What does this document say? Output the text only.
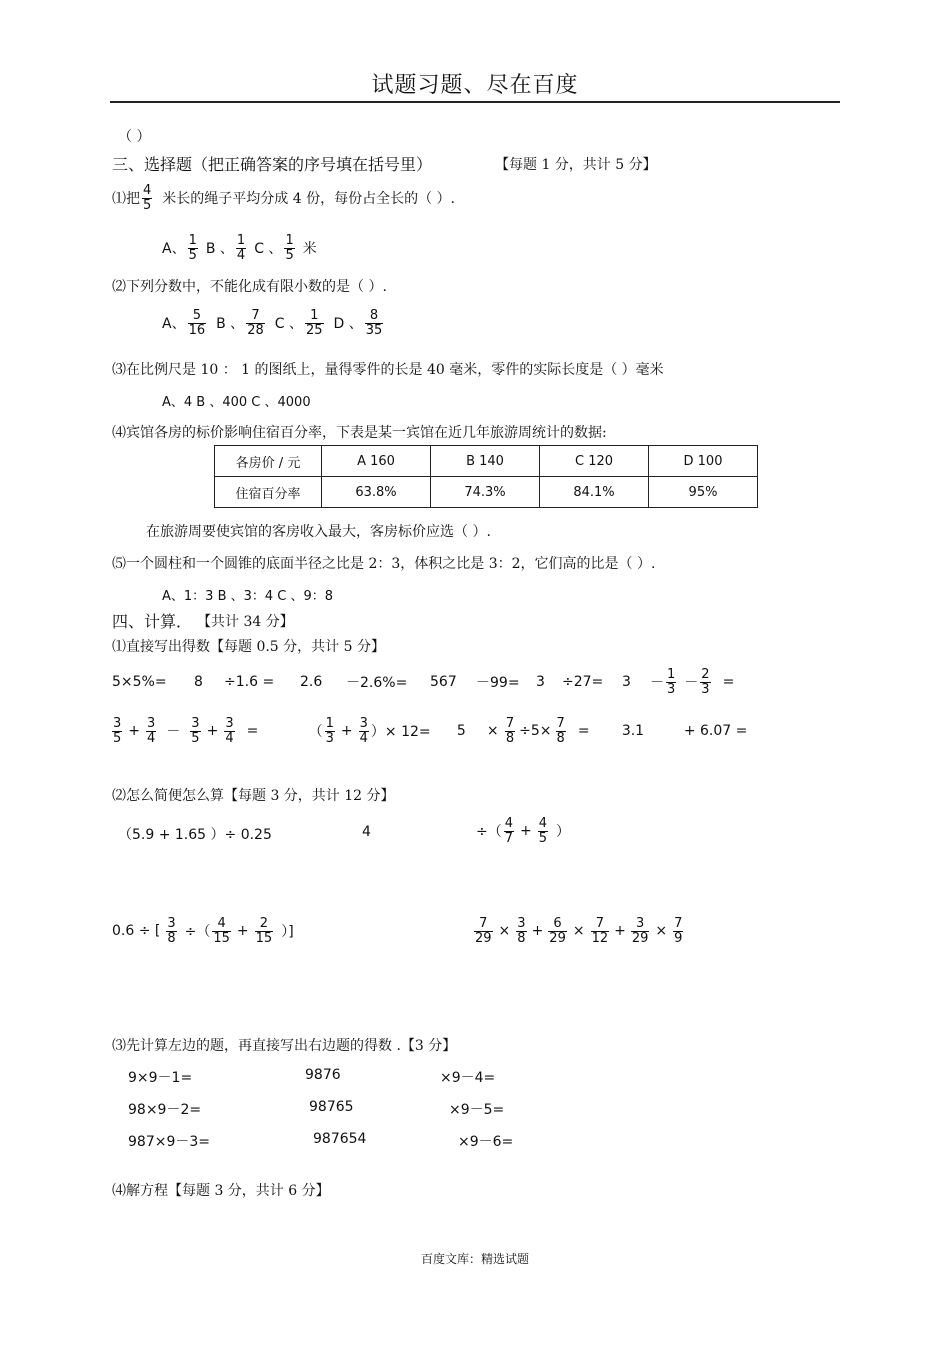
试题习题、尽在百度
（ ）
三、选择题（把正确答案的序号填在括号里）	【每题 1 分，共计 5 分】
⑴把 $\frac{4}{5}$ 米长的绳子平均分成 4 份，每份占全长的（ ）.
A、 $\frac{1}{5}$ B 、 $\frac{1}{4}$ C 、 $\frac{1}{5}$ 米
⑵下列分数中，不能化成有限小数的是（ ）.
A、 $\frac{5}{16}$ B 、 $\frac{7}{28}$ C 、 $\frac{1}{25}$ D 、 $\frac{8}{35}$
⑶在比例尺是 10 ： 1 的图纸上，量得零件的长是 40 毫米，零件的实际长度是（ ）毫米
A、4 B 、400 C 、4000
⑷宾馆各房的标价影响住宿百分率，下表是某一宾馆在近几年旅游周统计的数据:
各房价 / 元	A 160	B 140	C 120	D 100
住宿百分率	63.8%	74.3%	84.1%	95%
在旅游周要使宾馆的客房收入最大，客房标价应选（ ）.
⑸一个圆柱和一个圆锥的底面半径之比是 2：3，体积之比是 3：2，它们高的比是（ ）.
A、1：3 B 、3：4 C 、9：8
四、计算． 【共计 34 分】
⑴直接写出得数【每题 0.5 分，共计 5 分】
5×5%=	8	÷1.6 =	2.6	－2.6%=	567	－99=	3	÷27=	3	－ $\frac{1}{3} - \frac{2}{3}$ =
$\frac{3}{5} + \frac{3}{4} - \frac{3}{5} + \frac{3}{4}$ =	（ $\frac{1}{3} + \frac{3}{4}$ ）× 12=	5	× $\frac{7}{8} \div 5\times \frac{7}{8}$ =	3.1	+ 6.07 =
⑵怎么简便怎么算【每题 3 分，共计 12 分】
（5.9 + 1.65 ）÷ 0.25	4	÷（ $\frac{4}{7} + \frac{4}{5}$ ）
0.6 ÷ [ $\frac{3}{8}$ ÷（ $\frac{4}{15} + \frac{2}{15}$ ）]	$\frac{7}{29} \times \frac{3}{8} + \frac{6}{29} \times \frac{7}{12} + \frac{3}{29} \times \frac{7}{9}$
⑶先计算左边的题，再直接写出右边题的得数 .【3 分】
9×9－1=	9876	×9－4=
98×9－2=	98765	×9－5=
987×9－3=	987654	×9－6=
⑷解方程【每题 3 分，共计 6 分】
百度文库：精选试题
